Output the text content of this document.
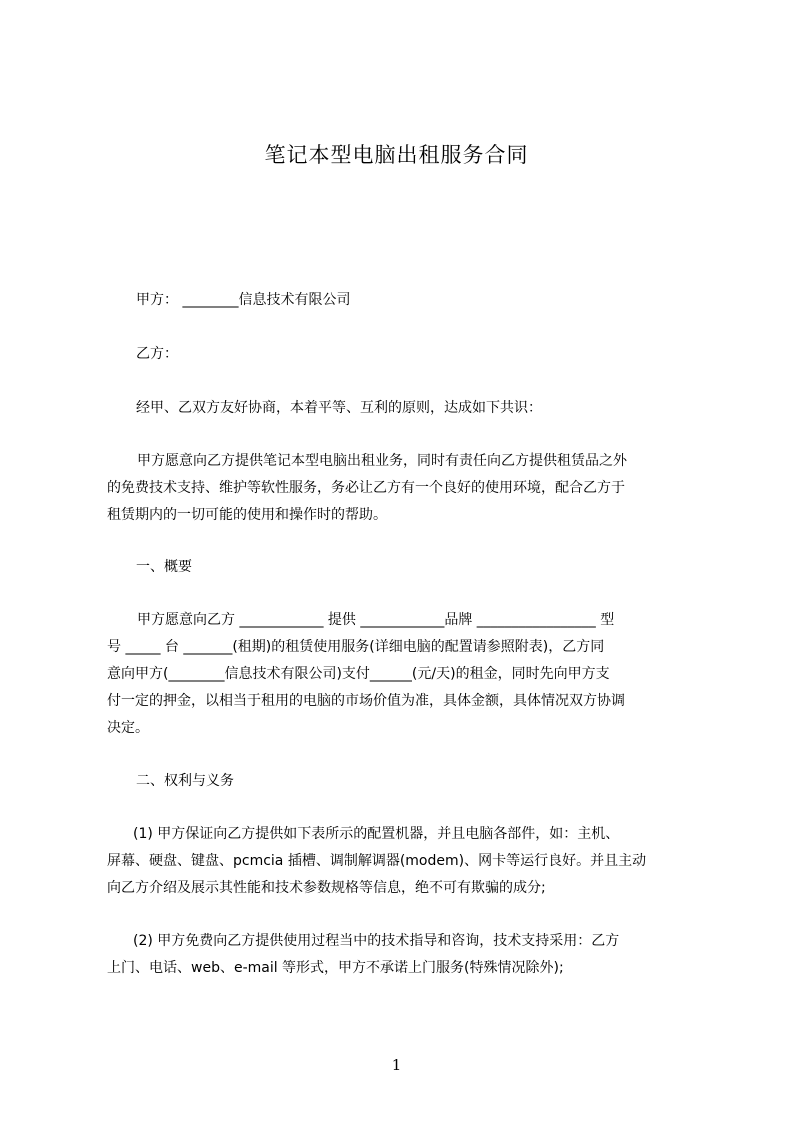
笔记本型电脑出租服务合同
甲方： ________信息技术有限公司
乙方：
经甲、乙双方友好协商，本着平等、互利的原则，达成如下共识：
甲方愿意向乙方提供笔记本型电脑出租业务，同时有责任向乙方提供租赁品之外
的免费技术支持、维护等软性服务，务必让乙方有一个良好的使用环境，配合乙方于
租赁期内的一切可能的使用和操作时的帮助。
一、概要
甲方愿意向乙方 ____________ 提供 ____________品牌 _________________ 型
号 _____ 台 _______(租期)的租赁使用服务(详细电脑的配置请参照附表)，乙方同
意向甲方(________信息技术有限公司)支付______(元/天)的租金，同时先向甲方支
付一定的押金，以相当于租用的电脑的市场价值为准，具体金额，具体情况双方协调
决定。
二、权利与义务
(1) 甲方保证向乙方提供如下表所示的配置机器，并且电脑各部件，如：主机、
屏幕、硬盘、键盘、pcmcia 插槽、调制解调器(modem)、网卡等运行良好。并且主动
向乙方介绍及展示其性能和技术参数规格等信息，绝不可有欺骗的成分;
(2) 甲方免费向乙方提供使用过程当中的技术指导和咨询，技术支持采用：乙方
上门、电话、web、e-mail 等形式，甲方不承诺上门服务(特殊情况除外);
1
